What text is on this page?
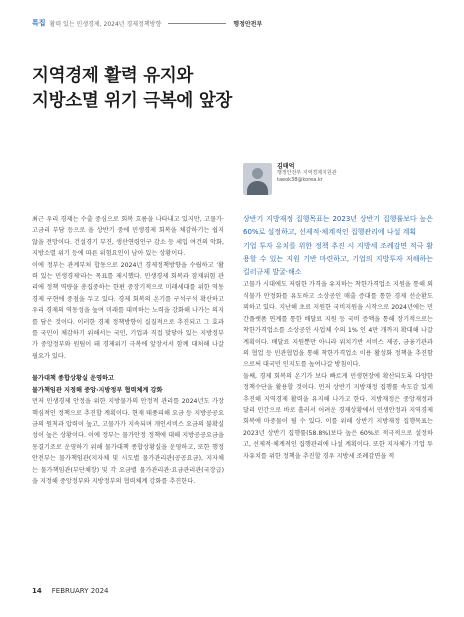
특집 활력 있는 민생경제, 2024년 경제정책방향	행정안전부
지역경제 활력 유지와
지방소멸 위기 극복에 앞장
김태억
행정안전부 지역경제지원관
taeok38@korea.kr

최근 우리 경제는 수출 중심으로 회복 흐름을 나타내고 있지만, 고물가·고금리 부담 등으로 올 상반기 중에 민생경제 회복을 체감하기는 쉽지 않을 전망이다. 건설경기 부진, 생산연령인구 감소 등 세입 여건의 악화, 지방소멸 위기 등에 따른 위험요인이 남아 있는 상황이다.

이에 정부는 관계부처 합동으로 2024년 경제정책방향을 수립하고 '활력 있는 민생경제'라는 목표를 제시했다. 민생경제 회복과 잠재위험 관리에 정책 역량을 총집중하는 한편 중장기적으로 미래세대를 위한 역동경제 구현에 중점을 두고 있다. 경제 회복의 온기를 구석구석 확산하고 우리 경제의 역동성을 높여 미래를 대비하는 노력을 강화해 나가는 의지를 담은 것이다. 이러한 경제 정책방향이 실질적으로 추진되고 그 효과를 국민이 체감하기 위해서는 국민, 기업과 직접 맞닿아 있는 지방정부가 중앙정부와 원팀이 돼 경제위기 극복에 앞장서서 함께 대처해 나갈 필요가 있다.

물가대책 종합상황실 운영하고

물가책임관 지정해 중앙·지방정부 협력체계 강화

먼저 민생경제 안정을 위한 지방물가의 안정적 관리를 2024년도 가장 핵심적인 정책으로 추진할 계획이다. 현재 태풍피해 요금 등 지방공공요금의 원칙과 압력이 높고, 고물가가 지속되며 개인서비스 요금의 불확실성이 높은 상황이다. 이에 정부는 물가안정 정책에 대해 지방공공요금을 동결기조로 운영하기 위해 물가대책 종합상황실을 운영하고, 또한 행정안전부는 물가책임관(지자체 및 시도별 물가관리관(공공요금), 지자체는 물가책임관(부단체장) 및 각 요금별 물가관리관·요금관리관(국장급)을 지정해 중앙정부와 지방정부의 협력체계 강화를 추진한다.

상반기 지방재정 집행목표는 2023년 상반기 집행률보다 높은 60%로 설정하고, 선제적·체계적인 집행관리에 나설 계획

기업 투자 유치를 위한 정책 추진 시 지방세 조례감면 적극 활용할 수 있는 지원 기반 마련하고, 기업의 지방투자 저해하는 킬러규제 발굴·해소

고물가 시대에도 저렴한 가격을 유지하는 착한가격업소 지원을 통해 외식물가 안정화를 유도하고 소상공인 매출 증대를 통한 경제 선순환도 꾀하고 있다. 지난해 초료 지원한 국비지원을 시작으로 2024년에는 민간플랫폼 연계를 통한 배달료 지원 등 국비 증액을 통해 장기적으로는 착한가격업소를 소상공인 사업체 수의 1% 인 4만 개까지 확대해 나갈 계획이다. 배달료 지원뿐만 아니라 위치기반 서비스 제공, 금융기관과의 협업 등 민관협업을 통해 착한가격업소 이용 활성화 정책을 추진함으로써 대국민 인지도를 높여나갈 방침이다.

둘째, 경제 회복의 온기가 보다 빠르게 민생현장에 확산되도록 다양한 정책수단을 활용할 것이다. 먼저 상반기 지방재정 집행률 속도감 있게 추진해 지역경제 활력을 유지해 나가고 한다. 지방재정은 중앙재정과 달리 민간으로 바로 흘러서 어려운 경제상황에서 민생안정과 지역경제 회복에 마중물이 될 수 있다. 이를 위해 상반기 지방재정 집행목표는 2023년 상반기 집행률(58.8%)보다 높은 60%로 적극적으로 설정하고, 선제적·체계적인 집행관리에 나설 계획이다. 또한 지자체가 기업 투자유치를 위한 정책을 추진할 경우 지방세 조례감면을 적

14 FEBRUARY 2024
